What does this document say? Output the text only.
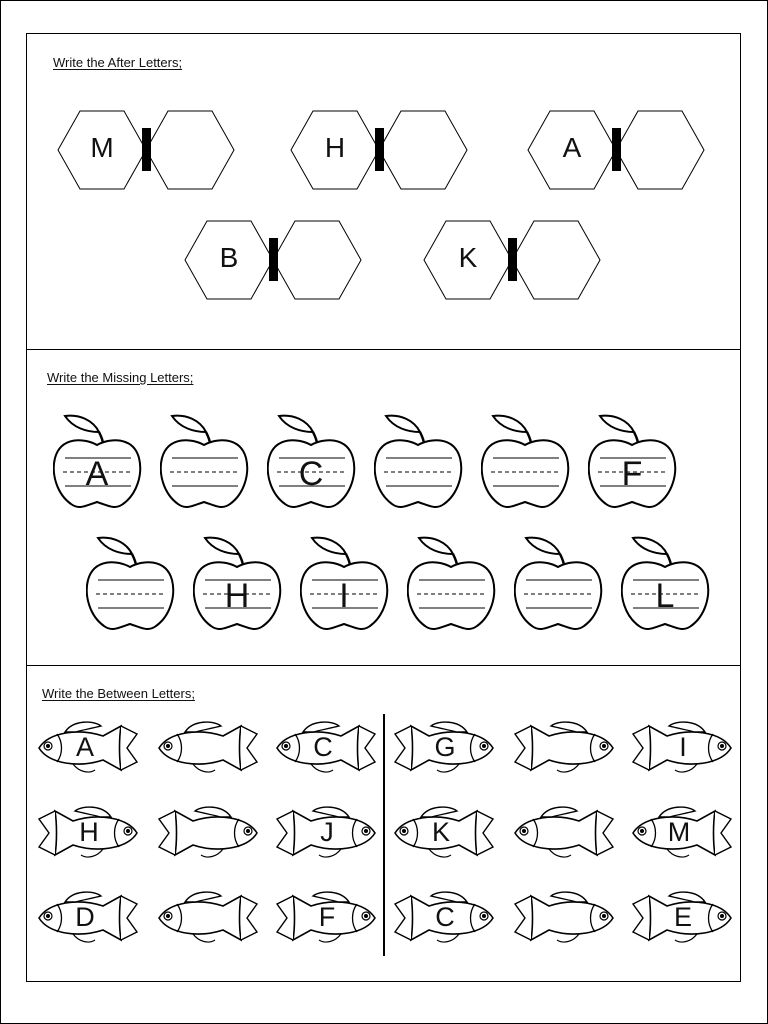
Write the After Letters;
M	H	A
B	K
Write the Missing Letters;
A	C	F
H	I	L
Write the Between Letters;
A	C	G	I
H	J	K	M
D	F	C	E
